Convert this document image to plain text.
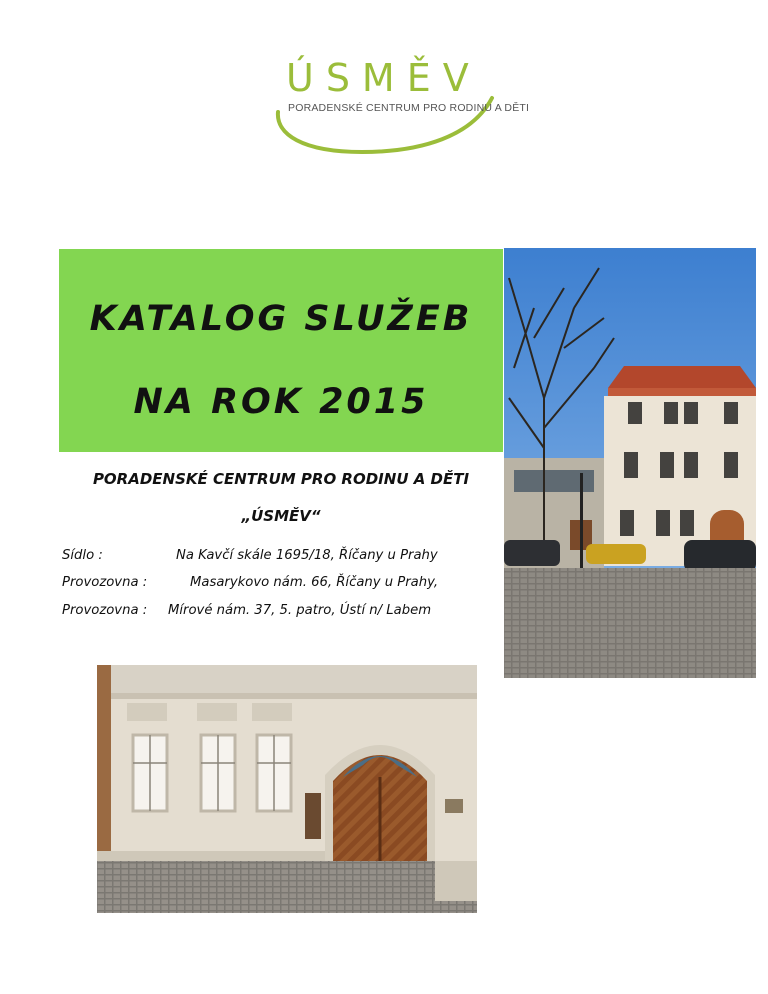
ÚSMĚV
PORADENSKÉ CENTRUM PRO RODINU A DĚTI
KATALOG SLUŽEB
NA ROK 2015
PORADENSKÉ CENTRUM PRO RODINU A DĚTI
„ÚSMĚV“
Sídlo :	Na Kavčí skále 1695/18, Říčany u Prahy
Provozovna :	Masarykovo nám. 66, Říčany u Prahy,
Provozovna : Mírové nám. 37, 5. patro, Ústí n/ Labem
